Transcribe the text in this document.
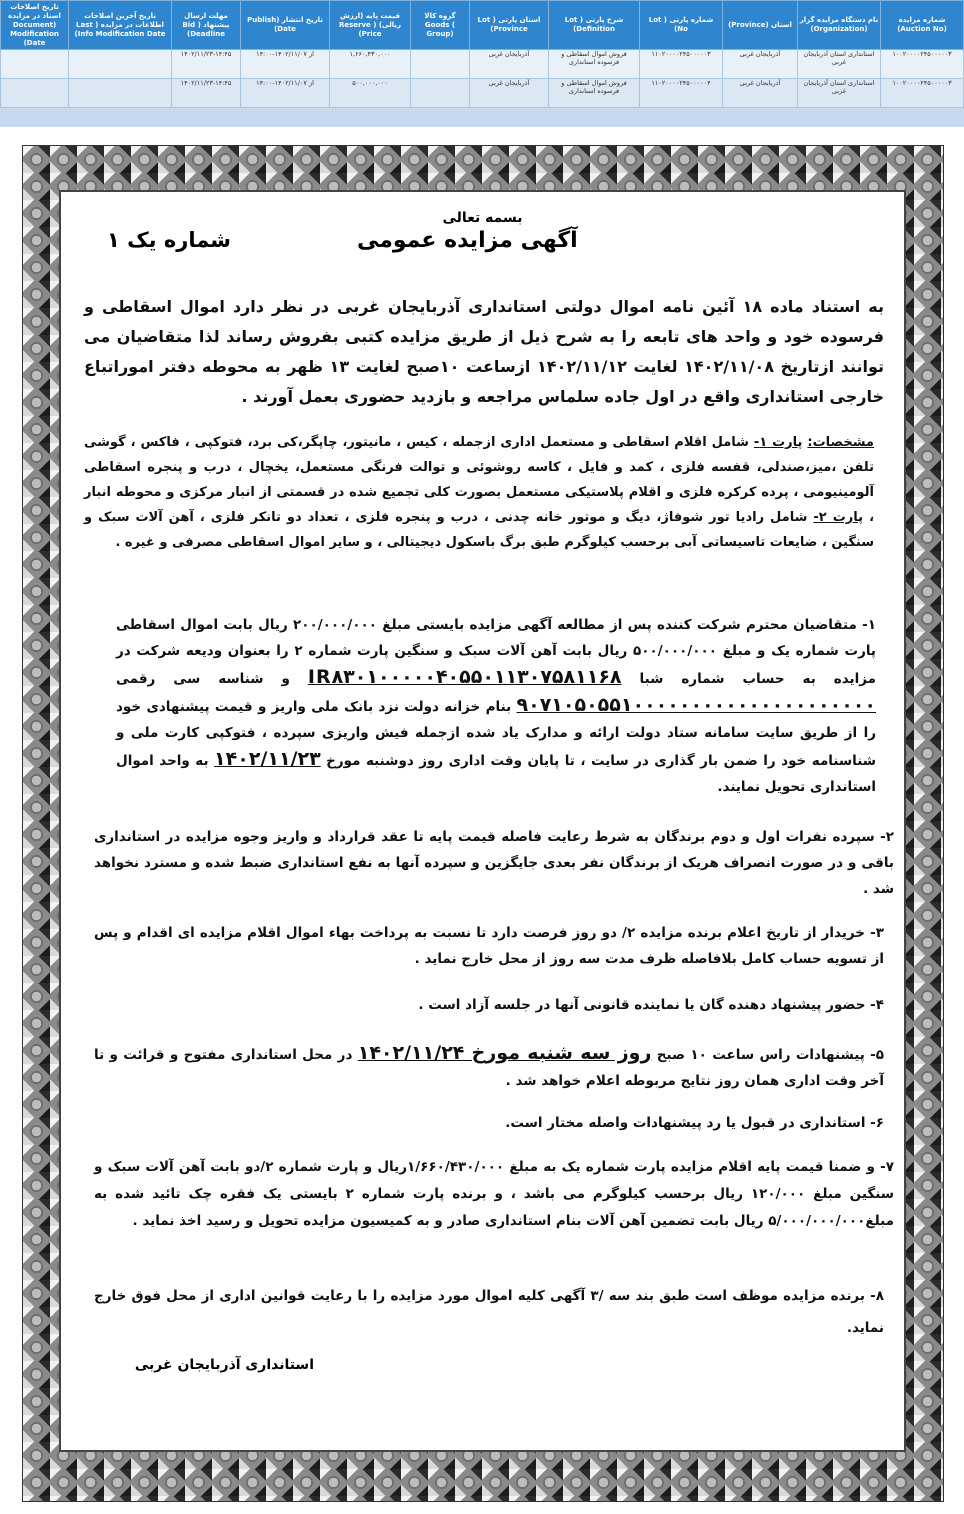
شماره مزایده (Auction No)	نام دستگاه مزایده گزار (Organization)	استان (Province)	شماره پارتی ( Lot No)	شرح پارتی ( Lot Definition)	استان پارتی ( Lot Province)	گروه کالا Goods ( Group)	قیمت پایه (ارزش ریالی) ( Reserve Price)	تاریخ انتشار (Publish Date)	مهلت ارسال پیشنهاد ( Bid Deadline)	تاریخ آخرین اصلاحات اطلاعات در مزایده ( Last Info Modification Date)	تاریخ اصلاحات اسناد در مزایده (Document Modification Date)
۱۰۰۲۰۰۰۰۲۴۵۰۰۰۰۰۳	استانداری استان آذربایجان غربی	آذربایجان غربی	۱۱۰۲۰۰۰۰۲۴۵۰۰۰۰۰۳	فروش اموال اسقاطی و فرسوده استانداری	آذربایجان غربی		۱,۶۶۰,۴۳۰,۰۰۰	از ۱۴۰۲/۱۱/۰۷-۱۴:۰۰	۱۴۰۲/۱۱/۲۳-۱۴:۴۵		
۱۰۰۲۰۰۰۰۲۴۵۰۰۰۰۰۳	استانداری استان آذربایجان غربی	آذربایجان غربی	۱۱۰۲۰۰۰۰۲۴۵۰۰۰۰۰۴	فروش اموال اسقاطی و فرسوده استانداری	آذربایجان غربی		۵۰۰,۰۰۰,۰۰۰	از ۱۴۰۲/۱۱/۰۷-۱۴:۰۰	۱۴۰۲/۱۱/۲۳-۱۴:۴۵		
بسمه تعالی
آگهی مزایده عمومی
شماره یک ۱
به استناد ماده ۱۸ آئین نامه اموال دولتی استانداری آذربایجان غربی در نظر دارد اموال اسقاطی و فرسوده خود و واحد های تابعه را به شرح ذیل از طریق مزایده کتبی بفروش رساند لذا متقاضیان می توانند ازتاریخ ۱۴۰۲/۱۱/۰۸ لغایت ۱۴۰۲/۱۱/۱۲ ازساعت ۱۰صبح لغایت ۱۳ ظهر به محوطه دفتر اموراتباع خارجی استانداری واقع در اول جاده سلماس مراجعه و بازدید حضوری بعمل آورند .
مشخصات: پارت ۱- شامل اقلام اسقاطی و مستعمل اداری ازجمله ، کیس ، مانیتور، چاپگر،کی برد، فتوکپی ، فاکس ، گوشی تلفن ،میز،صندلی، قفسه فلزی ، کمد و فایل ، کاسه روشوئی و توالت فرنگی مستعمل، یخچال ، درب و پنجره اسقاطی آلومینیومی ، پرده کرکره فلزی و اقلام پلاستیکی مستعمل بصورت کلی تجمیع شده در قسمتی از انبار مرکزی و محوطه انبار ، پارت ۲- شامل رادیا تور شوفاژ، دیگ و موتور خانه چدنی ، درب و پنجره فلزی ، تعداد دو تانکر فلزی ، آهن آلات سبک و سنگین ، ضایعات تاسیساتی آبی برحسب کیلوگرم طبق برگ باسکول دیجیتالی ، و سایر اموال اسقاطی مصرفی و غیره .
۱- متقاضیان محترم شرکت کننده پس از مطالعه آگهی مزایده بایستی مبلغ ۲۰۰/۰۰۰/۰۰۰ ریال بابت اموال اسقاطی پارت شماره یک و مبلغ ۵۰۰/۰۰۰/۰۰۰ ریال بابت آهن آلات سبک و سنگین پارت شماره ۲ را بعنوان ودیعه شرکت در مزایده به حساب شماره شبا IR۸۳۰۱۰۰۰۰۰۴۰۵۵۰۱۱۳۰۷۵۸۱۱۶۸ و شناسه سی رقمی ۹۰۷۱۰۵۰۵۵۱۰۰۰۰۰۰۰۰۰۰۰۰۰۰۰۰۰۰۰۰۰ بنام خزانه دولت نزد بانک ملی واریز و قیمت پیشنهادی خود را از طریق سایت سامانه ستاد دولت ارائه و مدارک یاد شده ازجمله فیش واریزی سپرده ، فتوکپی کارت ملی و شناسنامه خود را ضمن بار گذاری در سایت ، تا پایان وقت اداری روز دوشنبه مورخ ۱۴۰۲/۱۱/۲۳ به واحد اموال استانداری تحویل نمایند.
۲- سپرده نفرات اول و دوم برندگان به شرط رعایت فاصله قیمت پایه تا عقد قرارداد و واریز وجوه مزایده در استانداری باقی و در صورت انصراف هریک از برندگان نفر بعدی جایگزین و سپرده آنها به نفع استانداری ضبط شده و مسترد نخواهد شد .
۳- خریدار از تاریخ اعلام برنده مزایده ۲/ دو روز فرصت دارد تا نسبت به پرداخت بهاء اموال اقلام مزایده ای اقدام و پس از تسویه حساب کامل بلافاصله ظرف مدت سه روز از محل خارج نماید .
۴- حضور پیشنهاد دهنده گان یا نماینده قانونی آنها در جلسه آزاد است .
۵- پیشنهادات راس ساعت ۱۰ صبح روز سه شنبه مورخ ۱۴۰۲/۱۱/۲۴ در محل استانداری مفتوح و قرائت و تا آخر وقت اداری همان روز نتایج مربوطه اعلام خواهد شد .
۶- استانداری در قبول یا رد پیشنهادات واصله مختار است.
۷- و ضمنا قیمت پایه اقلام مزایده پارت شماره یک به مبلغ ۱/۶۶۰/۴۳۰/۰۰۰ریال و پارت شماره ۲/دو بابت آهن آلات سبک و سنگین مبلغ ۱۲۰/۰۰۰ ریال برحسب کیلوگرم می باشد ، و برنده پارت شماره ۲ بایستی یک فقره چک تائید شده به مبلغ۵/۰۰۰/۰۰۰/۰۰۰ ریال بابت تضمین آهن آلات بنام استانداری صادر و به کمیسیون مزایده تحویل و رسید اخذ نماید .
۸- برنده مزایده موظف است طبق بند سه /۳ آگهی کلیه اموال مورد مزایده را با رعایت قوانین اداری از محل فوق خارج نماید.
استانداری آذربایجان غربی
